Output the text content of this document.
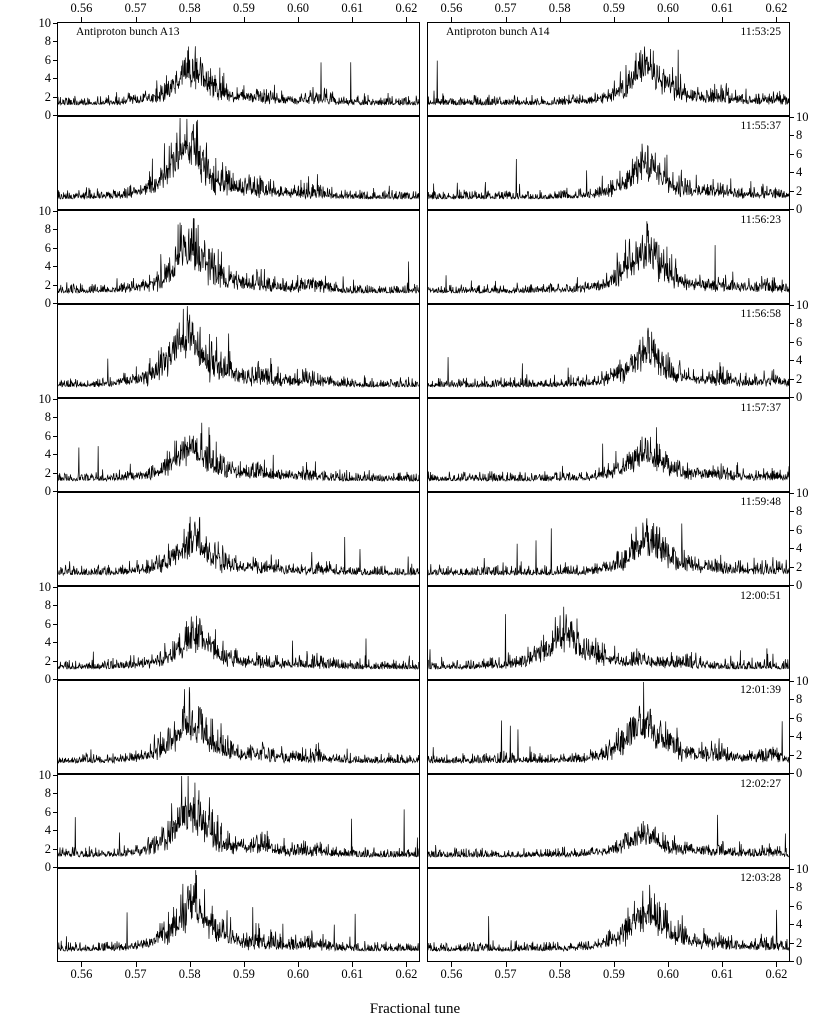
Fractional tune
0.56	0.57	0.58	0.59	0.60	0.61	0.62 0.56	0.57	0.58	0.59	0.60	0.61	0.62
0.56	0.57	0.58	0.59	0.60	0.61	0.62 0.56	0.57	0.58	0.59	0.60	0.61	0.62
0
2
4
6
8
10
0
2
4
6
8
10
0
2
4
6
8
10
0
2
4
6
8
10
0
2
4
6
8
10
0
2
4
6
8
10
0
2
4
6
8
10
0
2
4
6
8
10
0
2
4
6
8
10
0
2
4
6
8
10
Antiproton bunch A13	Antiproton bunch A14	11:53:25
11:55:37
11:56:23
11:56:58
11:57:37
11:59:48
12:00:51
12:01:39
12:02:27
12:03:28
